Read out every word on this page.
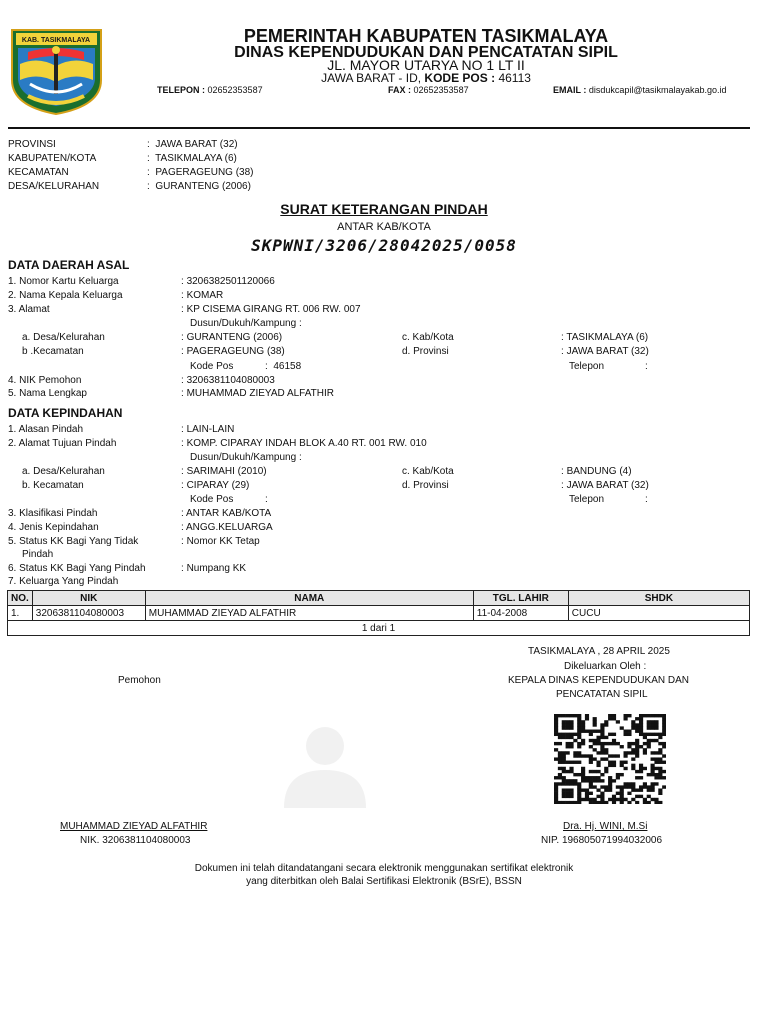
KAB. TASIKMALAYA	PEMERINTAH KABUPATEN TASIKMALAYA
DINAS KEPENDUDUKAN DAN PENCATATAN SIPIL
JL. MAYOR UTARYA NO 1 LT II
JAWA BARAT - ID, KODE POS : 46113
TELEPON : 02652353587	FAX : 02652353587	EMAIL : disdukcapil@tasikmalayakab.go.id
PROVINSI	:  JAWA BARAT (32)
KABUPATEN/KOTA	:  TASIKMALAYA (6)
KECAMATAN	:  PAGERAGEUNG (38)
DESA/KELURAHAN	:  GURANTENG (2006)
SURAT KETERANGAN PINDAH
ANTAR KAB/KOTA
SKPWNI/3206/28042025/0058
DATA DAERAH ASAL
1. Nomor Kartu Keluarga	: 3206382501120066
2. Nama Kepala Keluarga	: KOMAR
3. Alamat	: KP CISEMA GIRANG RT. 006 RW. 007
Dusun/Dukuh/Kampung :
a. Desa/Kelurahan	: GURANTENG (2006)	c. Kab/Kota	: TASIKMALAYA (6)
b .Kecamatan	: PAGERAGEUNG (38)	d. Provinsi	: JAWA BARAT (32)
Kode Pos	:  46158	Telepon	:
4. NIK Pemohon	: 3206381104080003
5. Nama Lengkap	: MUHAMMAD ZIEYAD ALFATHIR
DATA KEPINDAHAN
1. Alasan Pindah	: LAIN-LAIN
2. Alamat Tujuan Pindah	: KOMP. CIPARAY INDAH BLOK A.40 RT. 001 RW. 010
Dusun/Dukuh/Kampung :
a. Desa/Kelurahan	: SARIMAHI (2010)	c. Kab/Kota	: BANDUNG (4)
b. Kecamatan	: CIPARAY (29)	d. Provinsi	: JAWA BARAT (32)
Kode Pos	:	Telepon	:
3. Klasifikasi Pindah	: ANTAR KAB/KOTA
4. Jenis Kepindahan	: ANGG.KELUARGA
5. Status KK Bagi Yang Tidak
Pindah
: Nomor KK Tetap
6. Status KK Bagi Yang Pindah	: Numpang KK
7. Keluarga Yang Pindah
NO.	NIK	NAMA	TGL. LAHIR	SHDK
1.	3206381104080003	MUHAMMAD ZIEYAD ALFATHIR	11-04-2008	CUCU
1 dari 1				
TASIKMALAYA , 28 APRIL 2025
Dikeluarkan Oleh :
KEPALA DINAS KEPENDUDUKAN DAN
PENCATATAN SIPIL
Pemohon
MUHAMMAD ZIEYAD ALFATHIR
NIK. 3206381104080003
Dra. Hj. WINI, M.Si
NIP. 196805071994032006
Dokumen ini telah ditandatangani secara elektronik menggunakan sertifikat elektronik
yang diterbitkan oleh Balai Sertifikasi Elektronik (BSrE), BSSN
